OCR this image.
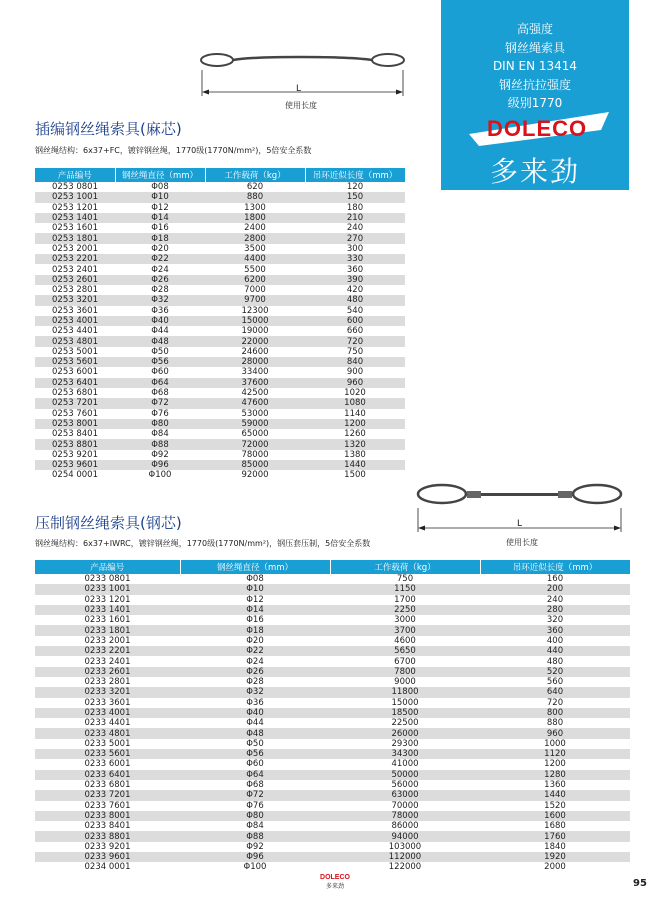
高强度
钢丝绳索具
DIN EN 13414
钢丝抗拉强度
级别1770
DOLECO
多来劲
L
使用长度
插编钢丝绳索具(麻芯)
钢丝绳结构：6x37+FC，镀锌钢丝绳，1770级(1770N/mm²)，5倍安全系数
产品编号	钢丝绳直径（mm）	工作载荷（kg）	吊环近似长度（mm）
0253 0801	Φ08	620	120
0253 1001	Φ10	880	150
0253 1201	Φ12	1300	180
0253 1401	Φ14	1800	210
0253 1601	Φ16	2400	240
0253 1801	Φ18	2800	270
0253 2001	Φ20	3500	300
0253 2201	Φ22	4400	330
0253 2401	Φ24	5500	360
0253 2601	Φ26	6200	390
0253 2801	Φ28	7000	420
0253 3201	Φ32	9700	480
0253 3601	Φ36	12300	540
0253 4001	Φ40	15000	600
0253 4401	Φ44	19000	660
0253 4801	Φ48	22000	720
0253 5001	Φ50	24600	750
0253 5601	Φ56	28000	840
0253 6001	Φ60	33400	900
0253 6401	Φ64	37600	960
0253 6801	Φ68	42500	1020
0253 7201	Φ72	47600	1080
0253 7601	Φ76	53000	1140
0253 8001	Φ80	59000	1200
0253 8401	Φ84	65000	1260
0253 8801	Φ88	72000	1320
0253 9201	Φ92	78000	1380
0253 9601	Φ96	85000	1440
0254 0001	Φ100	92000	1500
L
使用长度
压制钢丝绳索具(钢芯)
钢丝绳结构：6x37+IWRC，镀锌钢丝绳，1770级(1770N/mm²)，钢压套压制，5倍安全系数
产品编号	钢丝绳直径（mm）	工作载荷（kg）	吊环近似长度（mm）
0233 0801	Φ08	750	160
0233 1001	Φ10	1150	200
0233 1201	Φ12	1700	240
0233 1401	Φ14	2250	280
0233 1601	Φ16	3000	320
0233 1801	Φ18	3700	360
0233 2001	Φ20	4600	400
0233 2201	Φ22	5650	440
0233 2401	Φ24	6700	480
0233 2601	Φ26	7800	520
0233 2801	Φ28	9000	560
0233 3201	Φ32	11800	640
0233 3601	Φ36	15000	720
0233 4001	Φ40	18500	800
0233 4401	Φ44	22500	880
0233 4801	Φ48	26000	960
0233 5001	Φ50	29300	1000
0233 5601	Φ56	34300	1120
0233 6001	Φ60	41000	1200
0233 6401	Φ64	50000	1280
0233 6801	Φ68	56000	1360
0233 7201	Φ72	63000	1440
0233 7601	Φ76	70000	1520
0233 8001	Φ80	78000	1600
0233 8401	Φ84	86000	1680
0233 8801	Φ88	94000	1760
0233 9201	Φ92	103000	1840
0233 9601	Φ96	112000	1920
0234 0001	Φ100	122000	2000
DOLECO
多来劲	95
